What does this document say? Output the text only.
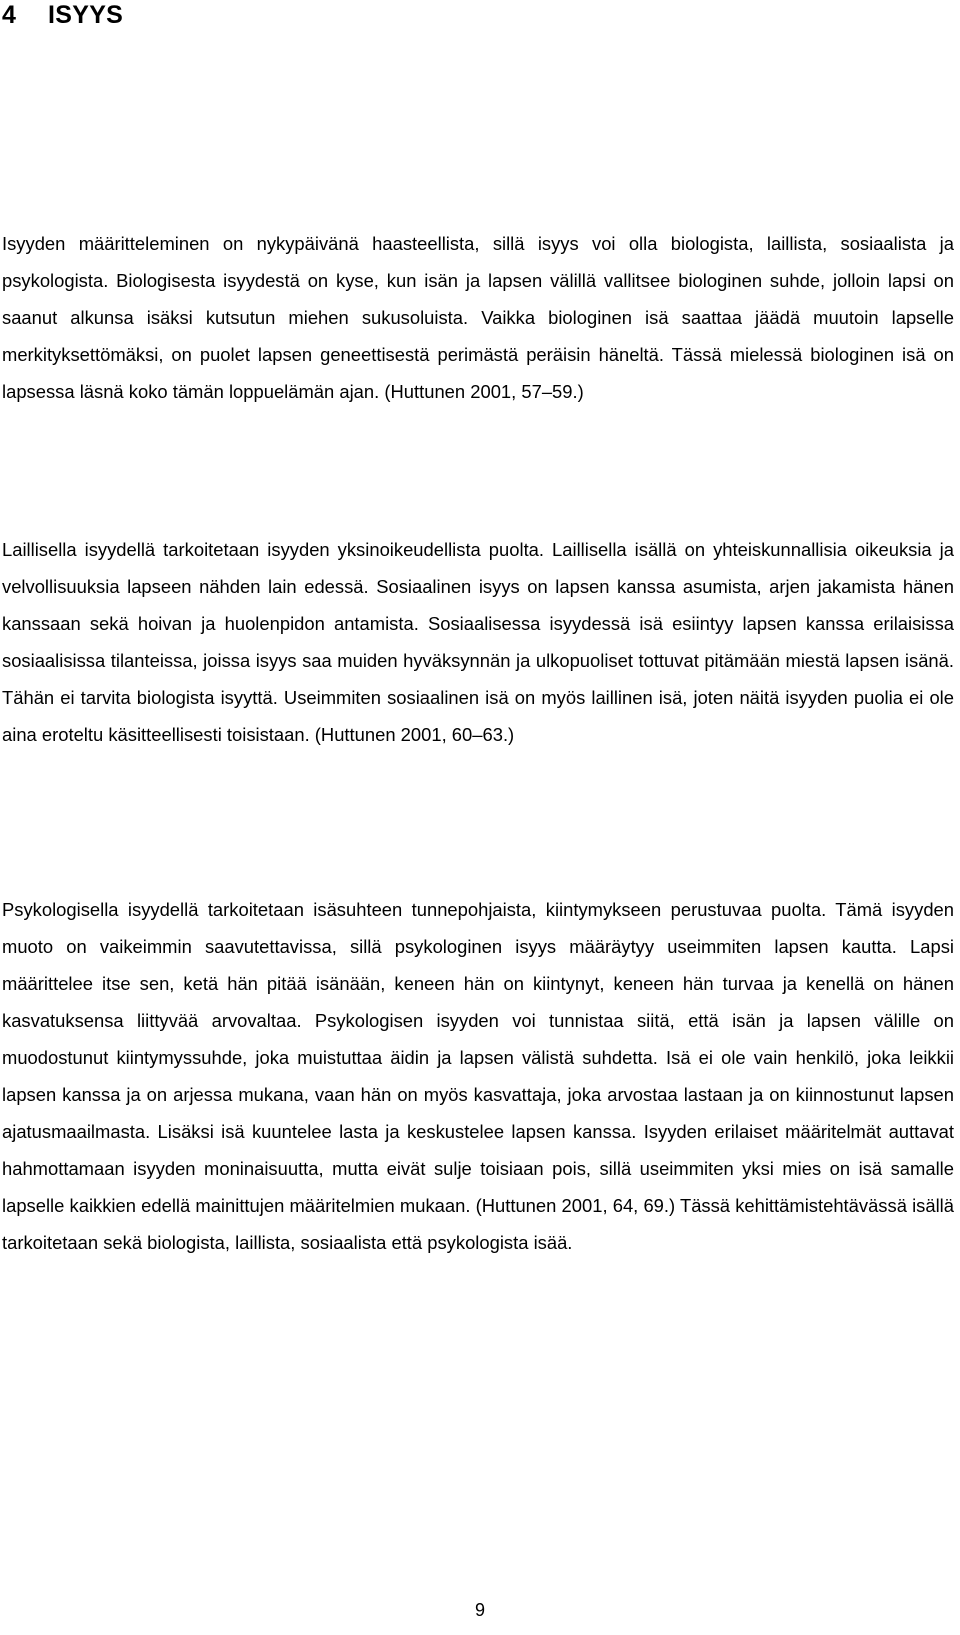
4 ISYYS

Isyyden määritteleminen on nykypäivänä haasteellista, sillä isyys voi olla biologista, laillista, sosiaalista ja psykologista. Biologisesta isyydestä on kyse, kun isän ja lapsen välillä vallitsee biologinen suhde, jolloin lapsi on saanut alkunsa isäksi kutsutun miehen sukusoluista. Vaikka biologinen isä saattaa jäädä muutoin lapselle merkityksettömäksi, on puolet lapsen geneettisestä perimästä peräisin häneltä. Tässä mielessä biologinen isä on lapsessa läsnä koko tämän loppuelämän ajan. (Huttunen 2001, 57–59.)

Laillisella isyydellä tarkoitetaan isyyden yksinoikeudellista puolta. Laillisella isällä on yhteiskunnallisia oikeuksia ja velvollisuuksia lapseen nähden lain edessä. Sosiaalinen isyys on lapsen kanssa asumista, arjen jakamista hänen kanssaan sekä hoivan ja huolenpidon antamista. Sosiaalisessa isyydessä isä esiintyy lapsen kanssa erilaisissa sosiaalisissa tilanteissa, joissa isyys saa muiden hyväksynnän ja ulkopuoliset tottuvat pitämään miestä lapsen isänä. Tähän ei tarvita biologista isyyttä. Useimmiten sosiaalinen isä on myös laillinen isä, joten näitä isyyden puolia ei ole aina eroteltu käsitteellisesti toisistaan. (Huttunen 2001, 60–63.)

Psykologisella isyydellä tarkoitetaan isäsuhteen tunnepohjaista, kiintymykseen perustuvaa puolta. Tämä isyyden muoto on vaikeimmin saavutettavissa, sillä psykologinen isyys määräytyy useimmiten lapsen kautta. Lapsi määrittelee itse sen, ketä hän pitää isänään, keneen hän on kiintynyt, keneen hän turvaa ja kenellä on hänen kasvatuksensa liittyvää arvovaltaa. Psykologisen isyyden voi tunnistaa siitä, että isän ja lapsen välille on muodostunut kiintymyssuhde, joka muistuttaa äidin ja lapsen välistä suhdetta. Isä ei ole vain henkilö, joka leikkii lapsen kanssa ja on arjessa mukana, vaan hän on myös kasvattaja, joka arvostaa lastaan ja on kiinnostunut lapsen ajatusmaailmasta. Lisäksi isä kuuntelee lasta ja keskustelee lapsen kanssa. Isyyden erilaiset määritelmät auttavat hahmottamaan isyyden moninaisuutta, mutta eivät sulje toisiaan pois, sillä useimmiten yksi mies on isä samalle lapselle kaikkien edellä mainittujen määritelmien mukaan. (Huttunen 2001, 64, 69.) Tässä kehittämistehtävässä isällä tarkoitetaan sekä biologista, laillista, sosiaalista että psykologista isää.

9
